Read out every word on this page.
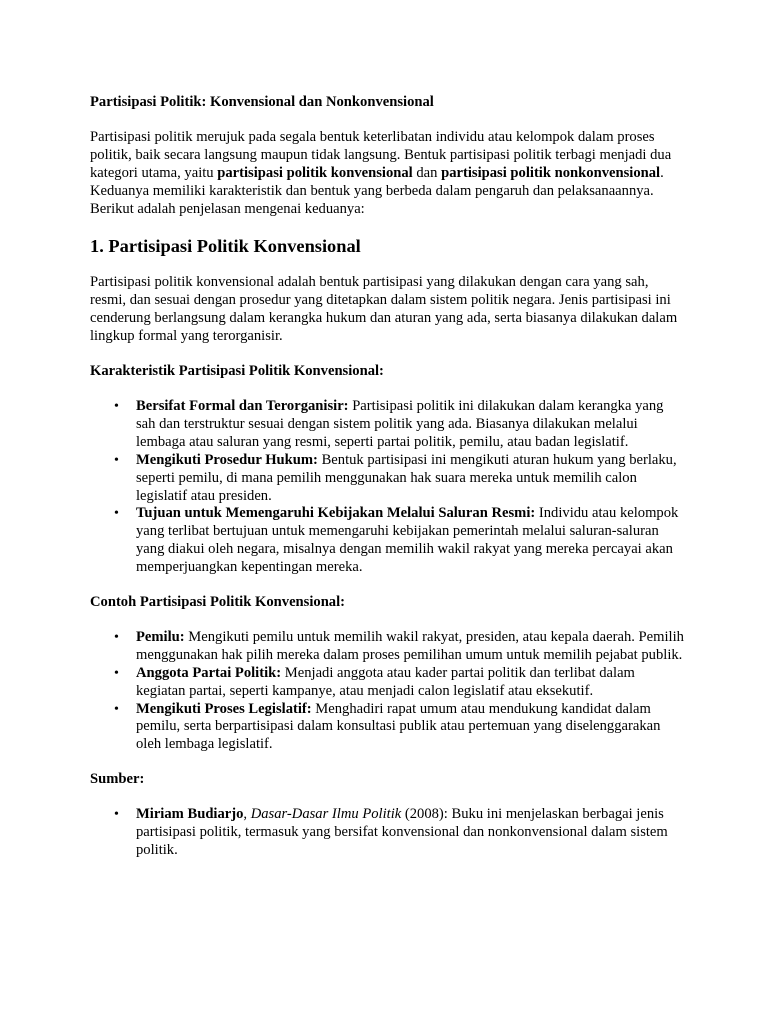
Partisipasi Politik: Konvensional dan Nonkonvensional

Partisipasi politik merujuk pada segala bentuk keterlibatan individu atau kelompok dalam proses politik, baik secara langsung maupun tidak langsung. Bentuk partisipasi politik terbagi menjadi dua kategori utama, yaitu partisipasi politik konvensional dan partisipasi politik nonkonvensional. Keduanya memiliki karakteristik dan bentuk yang berbeda dalam pengaruh dan pelaksanaannya. Berikut adalah penjelasan mengenai keduanya:

1. Partisipasi Politik Konvensional

Partisipasi politik konvensional adalah bentuk partisipasi yang dilakukan dengan cara yang sah, resmi, dan sesuai dengan prosedur yang ditetapkan dalam sistem politik negara. Jenis partisipasi ini cenderung berlangsung dalam kerangka hukum dan aturan yang ada, serta biasanya dilakukan dalam lingkup formal yang terorganisir.

Karakteristik Partisipasi Politik Konvensional:

• Bersifat Formal dan Terorganisir: Partisipasi politik ini dilakukan dalam kerangka yang sah dan terstruktur sesuai dengan sistem politik yang ada. Biasanya dilakukan melalui lembaga atau saluran yang resmi, seperti partai politik, pemilu, atau badan legislatif.
• Mengikuti Prosedur Hukum: Bentuk partisipasi ini mengikuti aturan hukum yang berlaku, seperti pemilu, di mana pemilih menggunakan hak suara mereka untuk memilih calon legislatif atau presiden.
• Tujuan untuk Memengaruhi Kebijakan Melalui Saluran Resmi: Individu atau kelompok yang terlibat bertujuan untuk memengaruhi kebijakan pemerintah melalui saluran-saluran yang diakui oleh negara, misalnya dengan memilih wakil rakyat yang mereka percayai akan memperjuangkan kepentingan mereka.

Contoh Partisipasi Politik Konvensional:

• Pemilu: Mengikuti pemilu untuk memilih wakil rakyat, presiden, atau kepala daerah. Pemilih menggunakan hak pilih mereka dalam proses pemilihan umum untuk memilih pejabat publik.
• Anggota Partai Politik: Menjadi anggota atau kader partai politik dan terlibat dalam kegiatan partai, seperti kampanye, atau menjadi calon legislatif atau eksekutif.
• Mengikuti Proses Legislatif: Menghadiri rapat umum atau mendukung kandidat dalam pemilu, serta berpartisipasi dalam konsultasi publik atau pertemuan yang diselenggarakan oleh lembaga legislatif.

Sumber:

• Miriam Budiarjo, Dasar-Dasar Ilmu Politik (2008): Buku ini menjelaskan berbagai jenis partisipasi politik, termasuk yang bersifat konvensional dan nonkonvensional dalam sistem politik.
